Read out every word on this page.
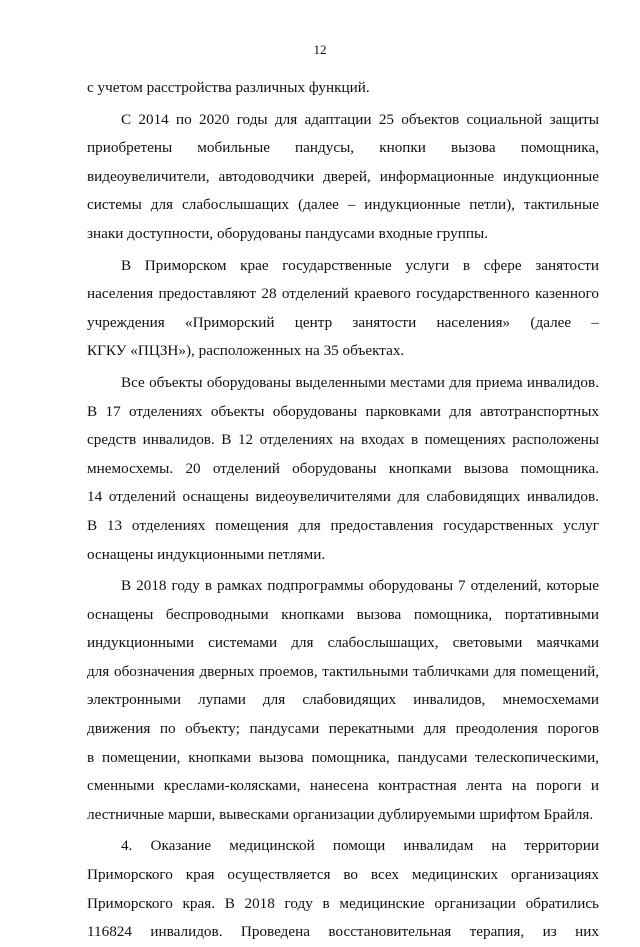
12
с учетом расстройства различных функций.
С 2014 по 2020 годы для адаптации 25 объектов социальной защиты
приобретены мобильные пандусы, кнопки вызова помощника,
видеоувеличители, автодоводчики дверей, информационные индукционные
системы для слабослышащих (далее – индукционные петли), тактильные
знаки доступности, оборудованы пандусами входные группы.
В Приморском крае государственные услуги в сфере занятости
населения предоставляют 28 отделений краевого государственного казенного
учреждения «Приморский центр занятости населения» (далее –
КГКУ «ПЦЗН»), расположенных на 35 объектах.
Все объекты оборудованы выделенными местами для приема инвалидов.
В 17 отделениях объекты оборудованы парковками для автотранспортных
средств инвалидов. В 12 отделениях на входах в помещениях расположены
мнемосхемы. 20 отделений оборудованы кнопками вызова помощника.
14 отделений оснащены видеоувеличителями для слабовидящих инвалидов.
В 13 отделениях помещения для предоставления государственных услуг
оснащены индукционными петлями.
В 2018 году в рамках подпрограммы оборудованы 7 отделений, которые
оснащены беспроводными кнопками вызова помощника, портативными
индукционными системами для слабослышащих, световыми маячками
для обозначения дверных проемов, тактильными табличками для помещений,
электронными лупами для слабовидящих инвалидов, мнемосхемами
движения по объекту; пандусами перекатными для преодоления порогов
в помещении, кнопками вызова помощника, пандусами телескопическими,
сменными креслами-колясками, нанесена контрастная лента на пороги и
лестничные марши, вывесками организации дублируемыми шрифтом Брайля.
4. Оказание медицинской помощи инвалидам на территории
Приморского края осуществляется во всех медицинских организациях
Приморского края. В 2018 году в медицинские организации обратились
116824 инвалидов. Проведена восстановительная терапия, из них
